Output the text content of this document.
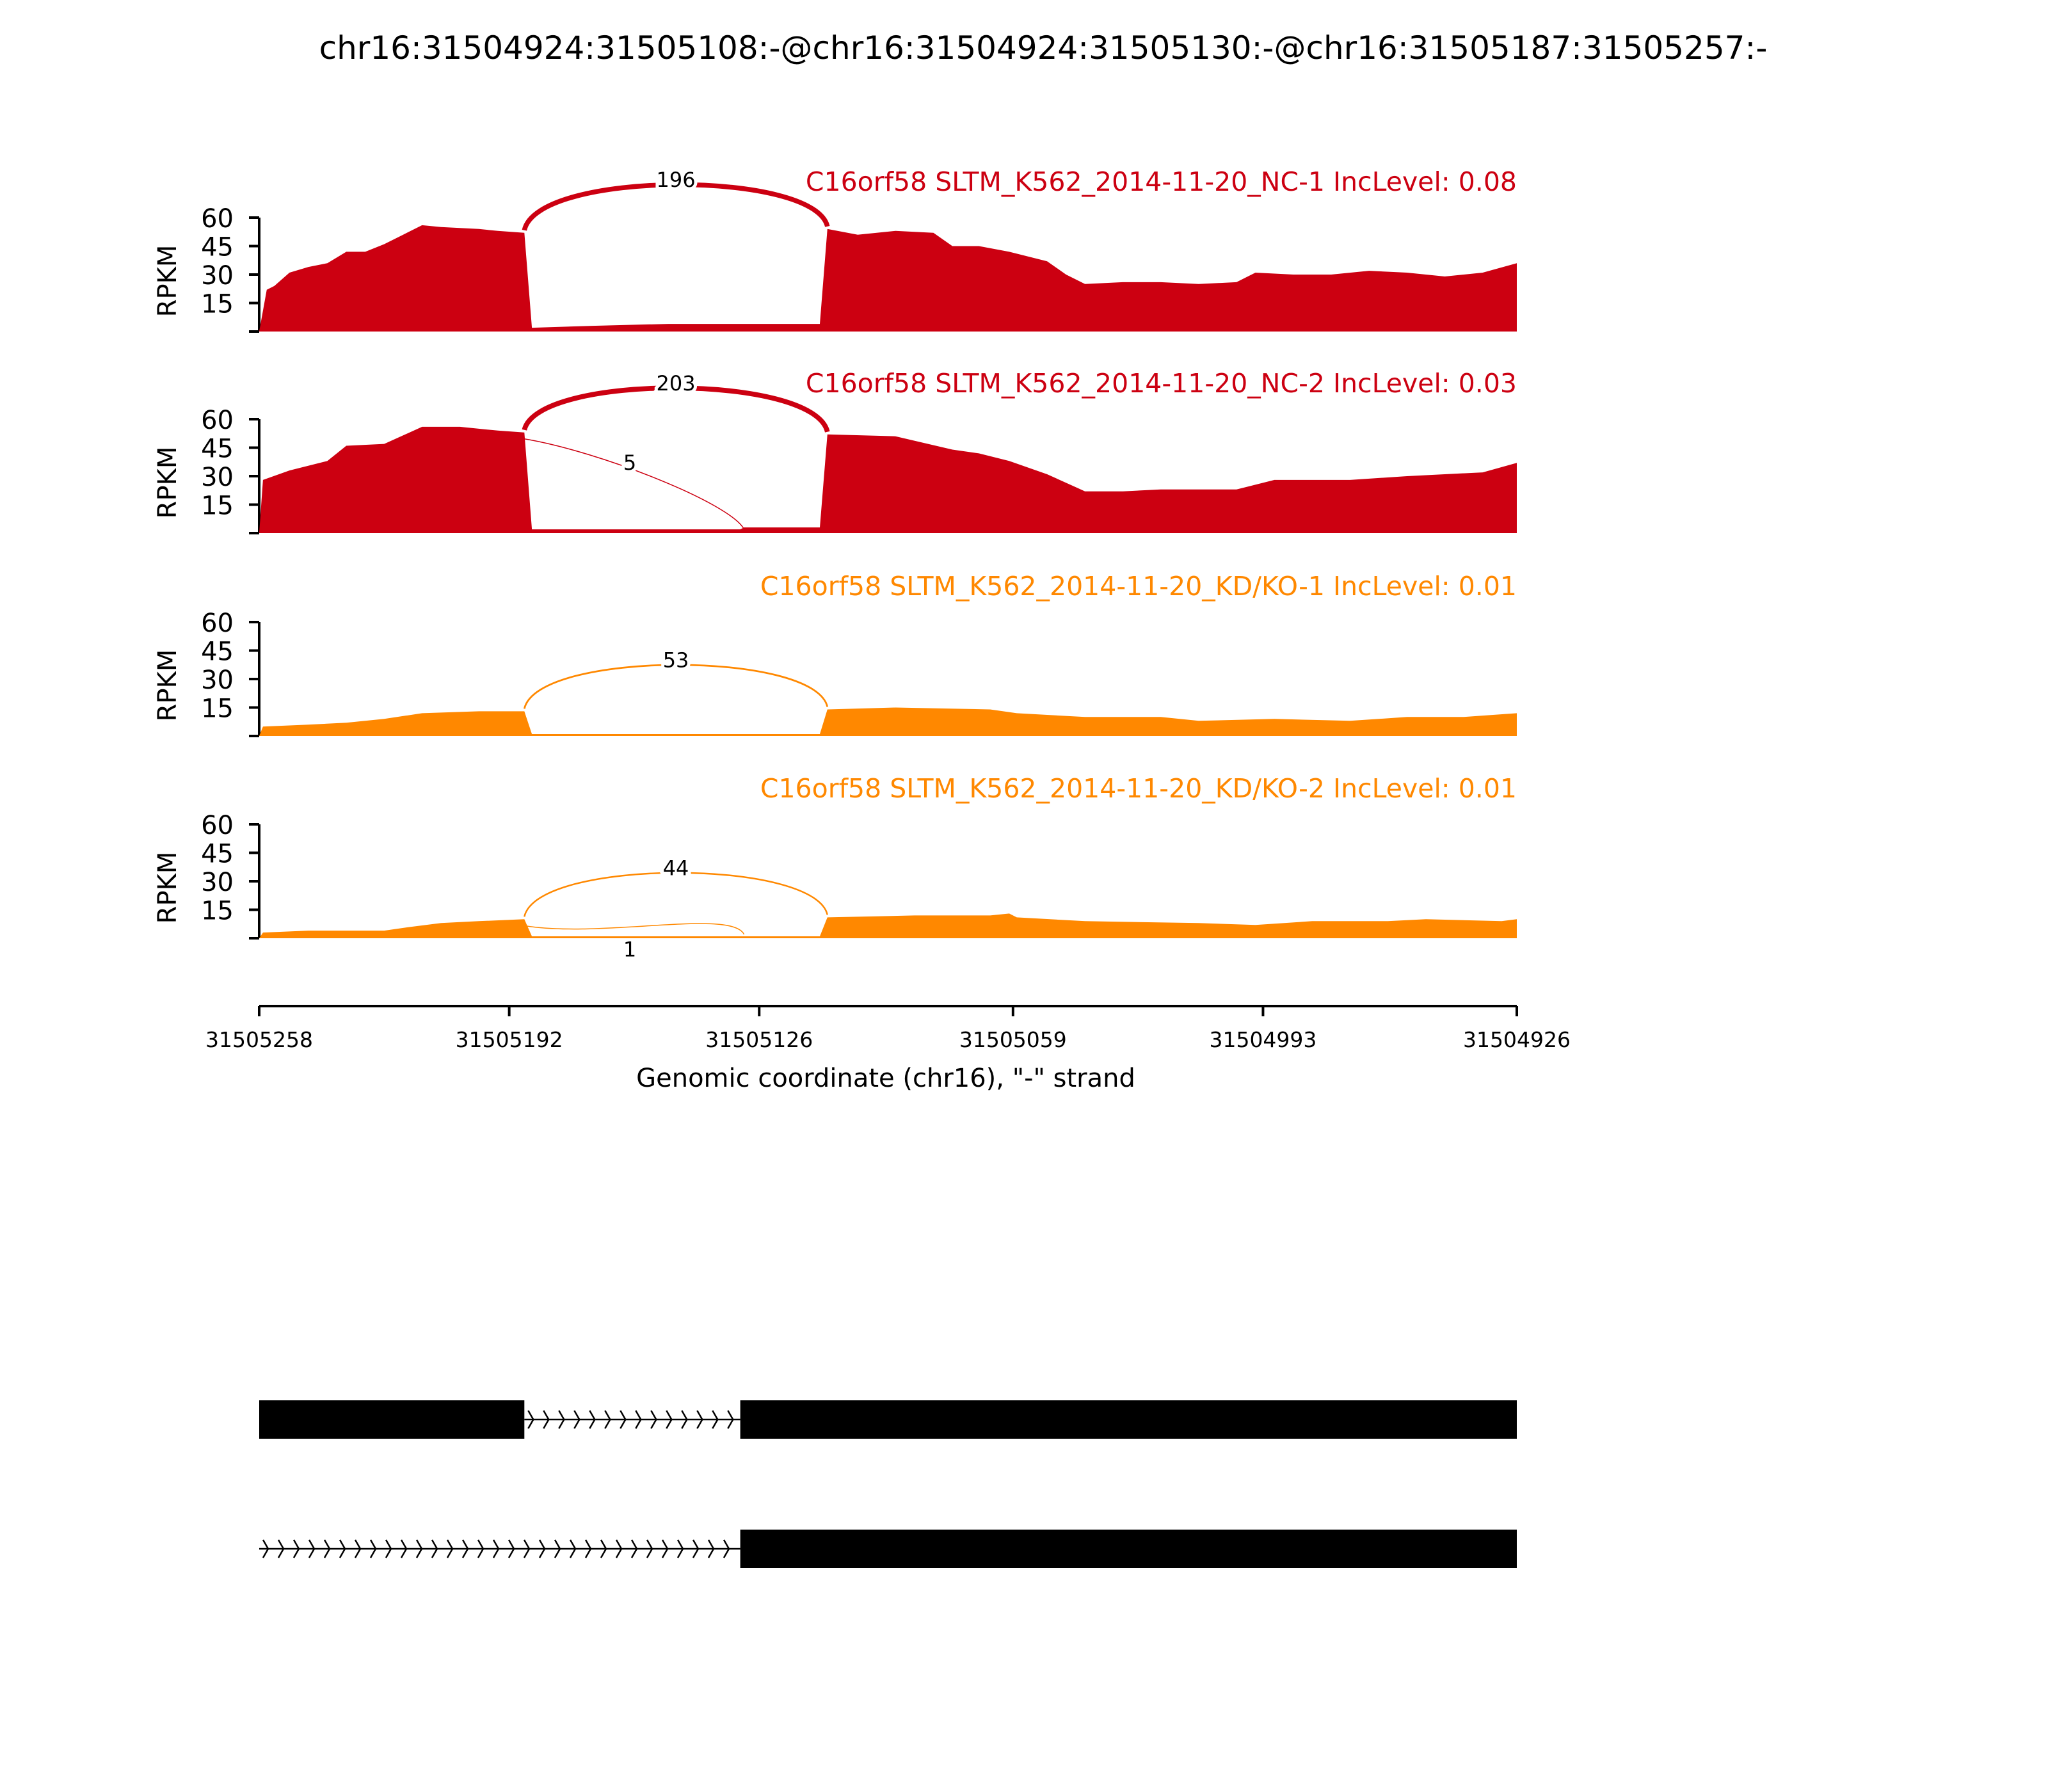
chr16:31504924:31505108:-@chr16:31504924:31505130:-@chr16:31505187:31505257:-
15
30
45
60
RPKM
C16orf58 SLTM_K562_2014-11-20_NC-1 IncLevel: 0.08
196
15
30
45
60
RPKM
C16orf58 SLTM_K562_2014-11-20_NC-2 IncLevel: 0.03
203
5
15
30
45
60
RPKM
C16orf58 SLTM_K562_2014-11-20_KD/KO-1 IncLevel: 0.01
53
15
30
45
60
RPKM
C16orf58 SLTM_K562_2014-11-20_KD/KO-2 IncLevel: 0.01
44
1
31505258	31505192	31505126	31505059	31504993	31504926
Genomic coordinate (chr16), "-" strand
